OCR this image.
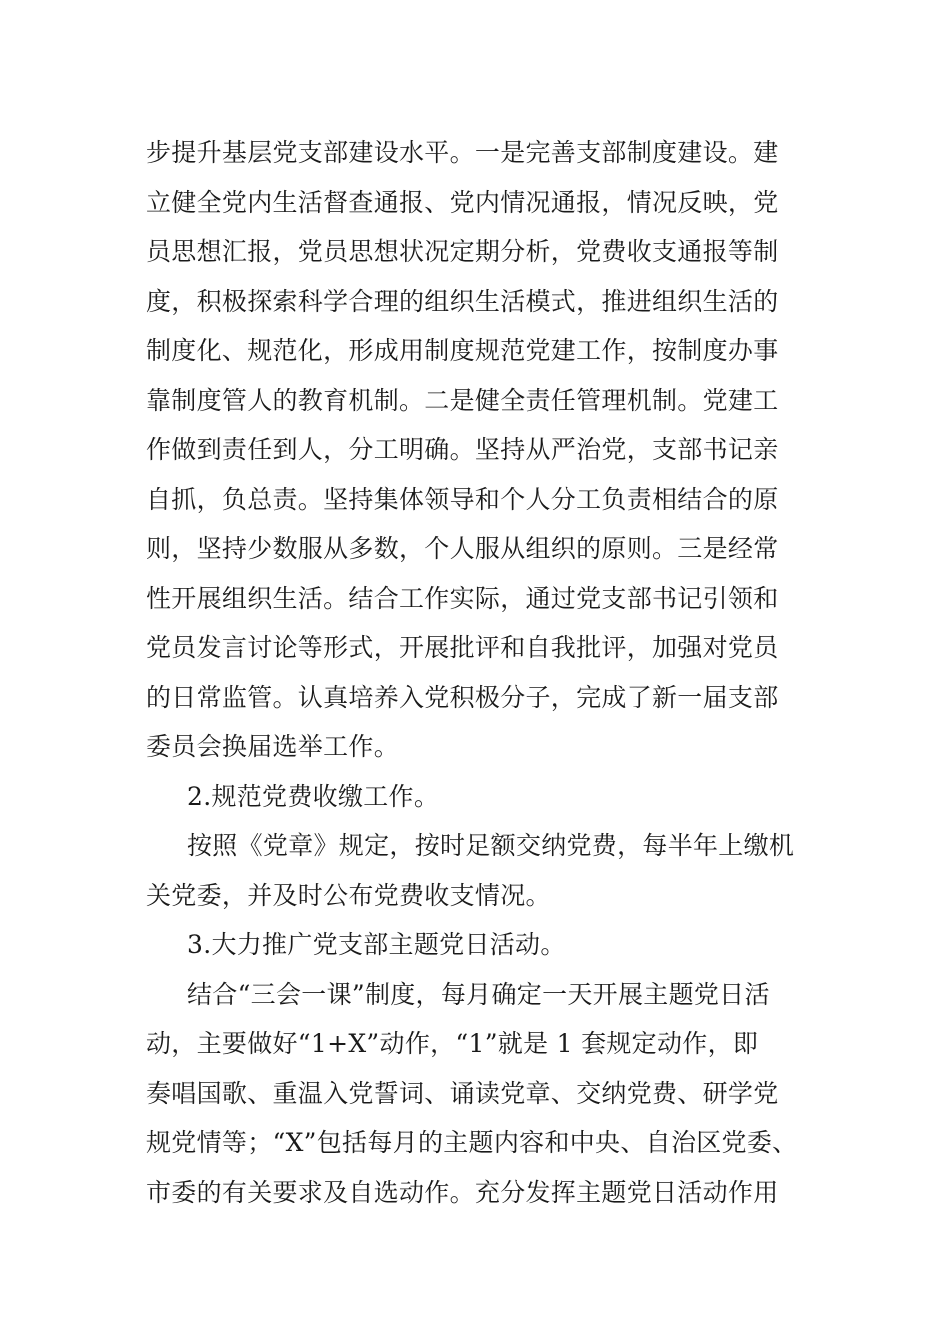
步提升基层党支部建设水平。一是完善支部制度建设。建
立健全党内生活督查通报、党内情况通报，情况反映，党
员思想汇报，党员思想状况定期分析，党费收支通报等制
度，积极探索科学合理的组织生活模式，推进组织生活的
制度化、规范化，形成用制度规范党建工作，按制度办事
靠制度管人的教育机制。二是健全责任管理机制。党建工
作做到责任到人，分工明确。坚持从严治党，支部书记亲
自抓，负总责。坚持集体领导和个人分工负责相结合的原
则，坚持少数服从多数，个人服从组织的原则。三是经常
性开展组织生活。结合工作实际，通过党支部书记引领和
党员发言讨论等形式，开展批评和自我批评，加强对党员
的日常监管。认真培养入党积极分子，完成了新一届支部
委员会换届选举工作。
2.规范党费收缴工作。
按照《党章》规定，按时足额交纳党费，每半年上缴机
关党委，并及时公布党费收支情况。
3.大力推广党支部主题党日活动。
结合“三会一课”制度，每月确定一天开展主题党日活
动，主要做好“1+X”动作，“1”就是 1 套规定动作，即
奏唱国歌、重温入党誓词、诵读党章、交纳党费、研学党
规党情等；“X”包括每月的主题内容和中央、自治区党委、
市委的有关要求及自选动作。充分发挥主题党日活动作用
